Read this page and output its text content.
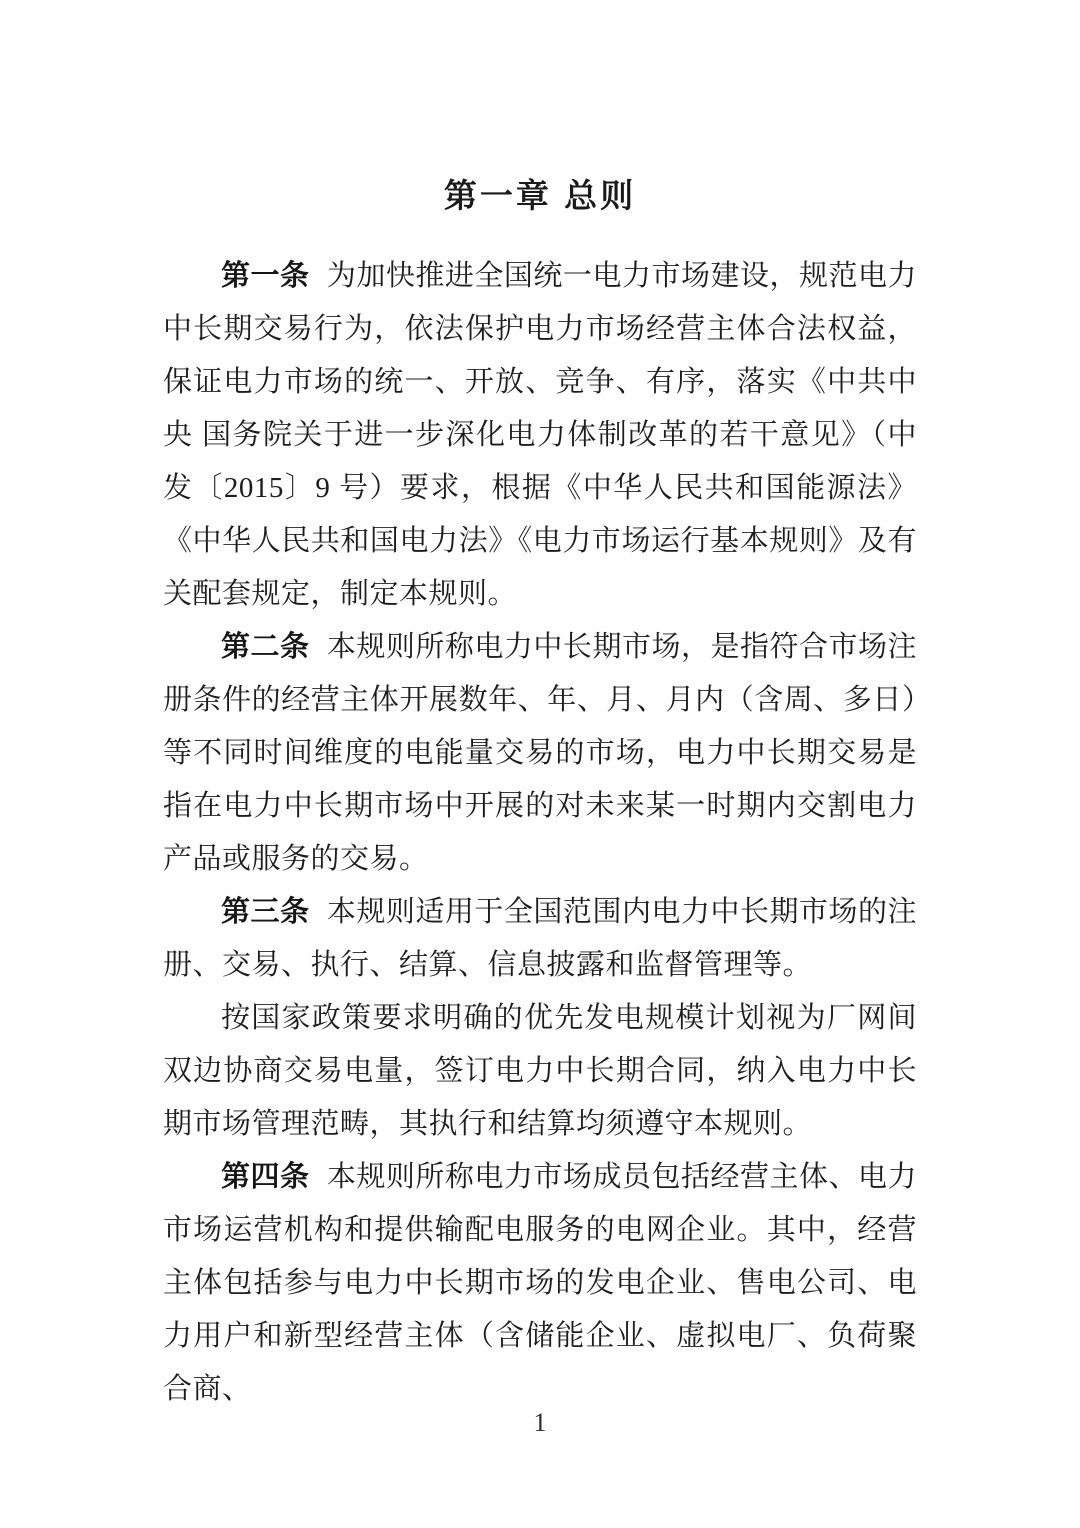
第一章 总则

第一条 为加快推进全国统一电力市场建设，规范电力中长期交易行为，依法保护电力市场经营主体合法权益，保证电力市场的统一、开放、竞争、有序，落实《中共中央 国务院关于进一步深化电力体制改革的若干意见》（中发〔2015〕9 号）要求，根据《中华人民共和国能源法》《中华人民共和国电力法》《电力市场运行基本规则》及有关配套规定，制定本规则。

第二条 本规则所称电力中长期市场，是指符合市场注册条件的经营主体开展数年、年、月、月内（含周、多日）等不同时间维度的电能量交易的市场，电力中长期交易是指在电力中长期市场中开展的对未来某一时期内交割电力产品或服务的交易。

第三条 本规则适用于全国范围内电力中长期市场的注册、交易、执行、结算、信息披露和监督管理等。

按国家政策要求明确的优先发电规模计划视为厂网间双边协商交易电量，签订电力中长期合同，纳入电力中长期市场管理范畴，其执行和结算均须遵守本规则。

第四条 本规则所称电力市场成员包括经营主体、电力市场运营机构和提供输配电服务的电网企业。其中，经营主体包括参与电力中长期市场的发电企业、售电公司、电力用户和新型经营主体（含储能企业、虚拟电厂、负荷聚合商、

1
